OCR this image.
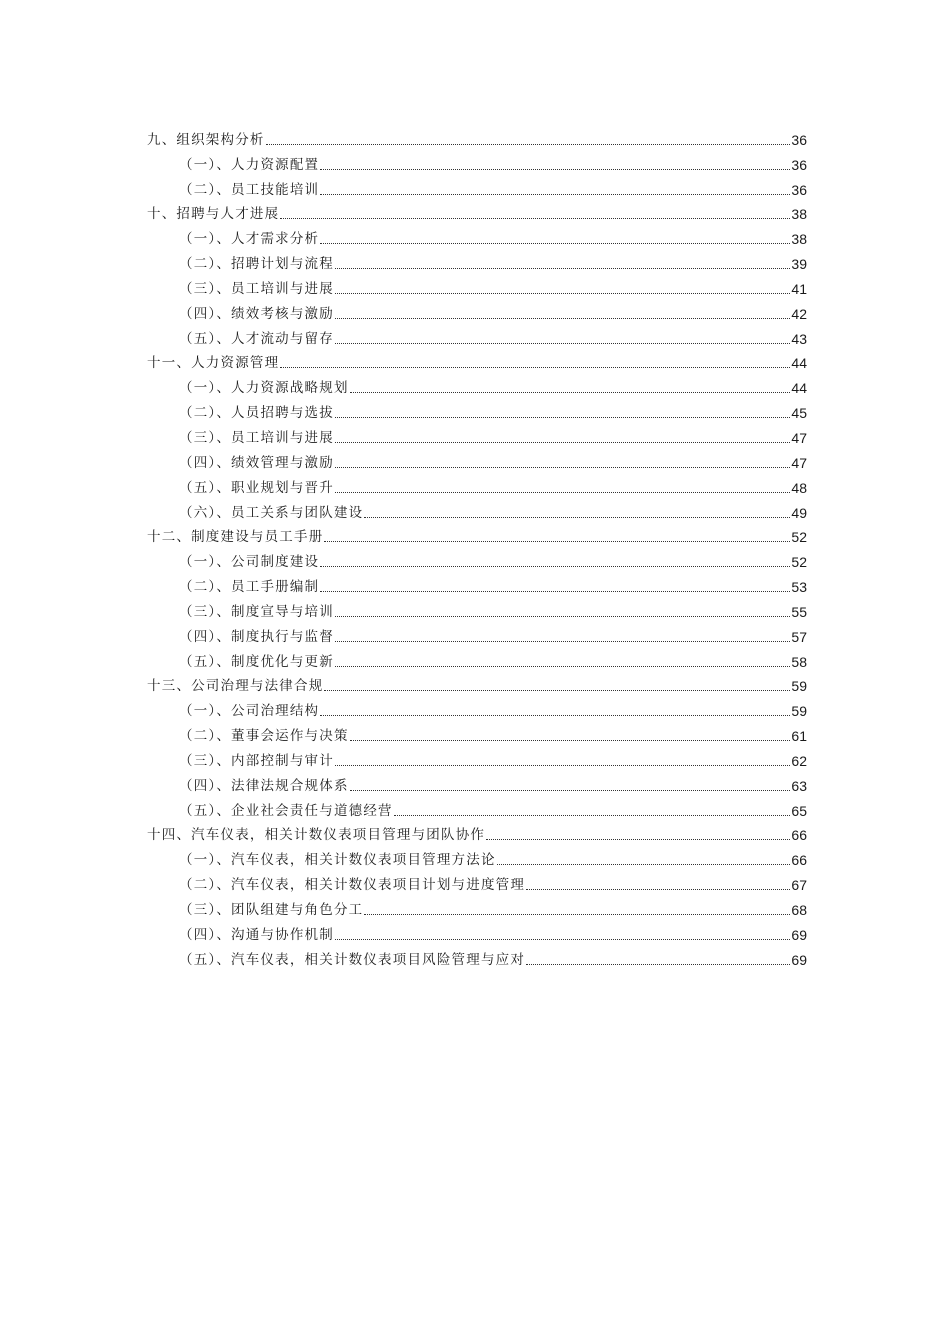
九、组织架构分析	36
（一）、人力资源配置	36
（二）、员工技能培训	36
十、招聘与人才进展	38
（一）、人才需求分析	38
（二）、招聘计划与流程	39
（三）、员工培训与进展	41
（四）、绩效考核与激励	42
（五）、人才流动与留存	43
十一、人力资源管理	44
（一）、人力资源战略规划	44
（二）、人员招聘与选拔	45
（三）、员工培训与进展	47
（四）、绩效管理与激励	47
（五）、职业规划与晋升	48
（六）、员工关系与团队建设	49
十二、制度建设与员工手册	52
（一）、公司制度建设	52
（二）、员工手册编制	53
（三）、制度宣导与培训	55
（四）、制度执行与监督	57
（五）、制度优化与更新	58
十三、公司治理与法律合规	59
（一）、公司治理结构	59
（二）、董事会运作与决策	61
（三）、内部控制与审计	62
（四）、法律法规合规体系	63
（五）、企业社会责任与道德经营	65
十四、汽车仪表，相关计数仪表项目管理与团队协作	66
（一）、汽车仪表，相关计数仪表项目管理方法论	66
（二）、汽车仪表，相关计数仪表项目计划与进度管理	67
（三）、团队组建与角色分工	68
（四）、沟通与协作机制	69
（五）、汽车仪表，相关计数仪表项目风险管理与应对	69
